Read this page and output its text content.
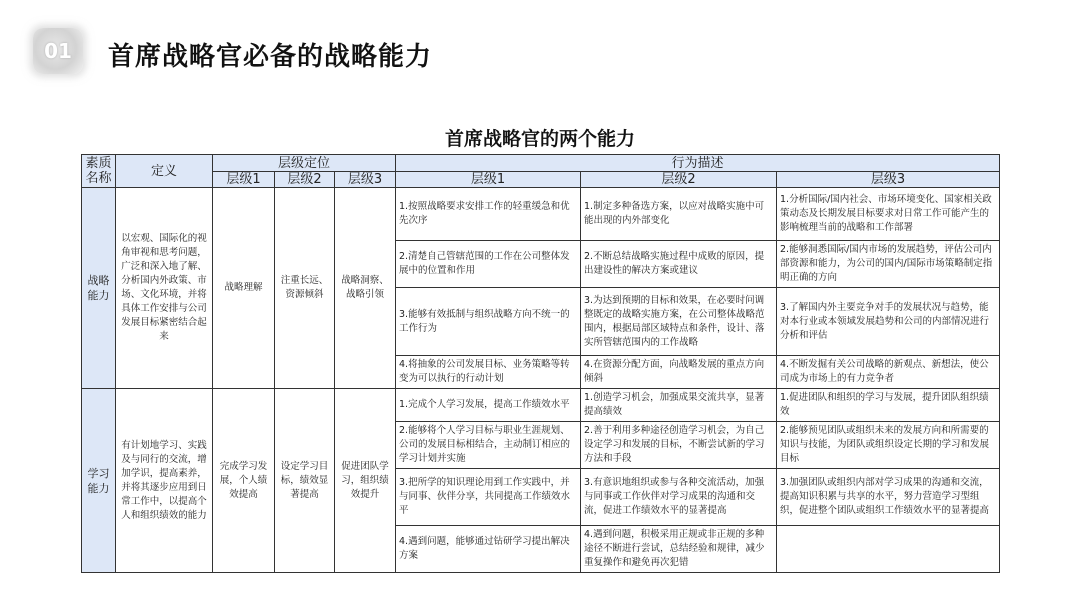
01	首席战略官必备的战略能力
首席战略官的两个能力
素质名称	定义	层级定位			行为描述		
		层级1	层级2	层级3	层级1	层级2	层级3
战略能力	以宏观、国际化的视角审视和思考问题，广泛和深入地了解、分析国内外政策、市场、文化环境，并将具体工作安排与公司发展目标紧密结合起来	战略理解	注重长远、资源倾斜	战略洞察、战略引领	1.按照战略要求安排工作的轻重缓急和优先次序	1.制定多种备选方案，以应对战略实施中可能出现的内外部变化	1.分析国际/国内社会、市场环境变化、国家相关政策动态及长期发展目标要求对日常工作可能产生的影响梳理当前的战略和工作部署
					2.清楚自己管辖范围的工作在公司整体发展中的位置和作用	2.不断总结战略实施过程中成败的原因，提出建设性的解决方案或建议	2.能够洞悉国际/国内市场的发展趋势，评估公司内部资源和能力，为公司的国内/国际市场策略制定指明正确的方向
					3.能够有效抵制与组织战略方向不统一的工作行为	3.为达到预期的目标和效果，在必要时问调整既定的战略实施方案，在公司整体战略范围内，根据局部区域特点和条件，设计、落实所管辖范围内的工作战略	3.了解国内外主要竞争对手的发展状况与趋势，能对本行业或本领域发展趋势和公司的内部情况进行分析和评估
					4.将抽象的公司发展目标、业务策略等转变为可以执行的行动计划	4.在资源分配方面，向战略发展的重点方向倾斜	4.不断发掘有关公司战略的新观点、新想法，使公司成为市场上的有力竞争者
学习能力	有计划地学习、实践及与同行的交流，增加学识，提高素养，并将其逐步应用到日常工作中，以提高个人和组织绩效的能力	完成学习发展，个人绩效提高	设定学习目标，绩效显著提高	促进团队学习，组织绩效提升	1.完成个人学习发展，提高工作绩效水平	1.创造学习机会，加强成果交流共享，显著提高绩效	1.促进团队和组织的学习与发展，提升团队组织绩效
					2.能够将个人学习目标与职业生涯规划、公司的发展目标相结合，主动制订相应的学习计划并实施	2.善于利用多种途径创造学习机会，为自己设定学习和发展的目标，不断尝试新的学习方法和手段	2.能够预见团队或组织未来的发展方向和所需要的知识与技能，为团队或组织设定长期的学习和发展目标
					3.把所学的知识理论用到工作实践中，并与同事、伙伴分享，共同提高工作绩效水平	3.有意识地组织或参与各种交流活动，加强与同事或工作伙伴对学习成果的沟通和交流，促进工作绩效水平的显著提高	3.加强团队或组织内部对学习成果的沟通和交流，提高知识积累与共享的水平，努力营造学习型组织，促进整个团队或组织工作绩效水平的显著提高

					4.遇到问题，能够通过钻研学习提出解决方案	4.遇到问题，积极采用正规或非正规的多种途径不断进行尝试，总结经验和规律，减少重复操作和避免再次犯错	
